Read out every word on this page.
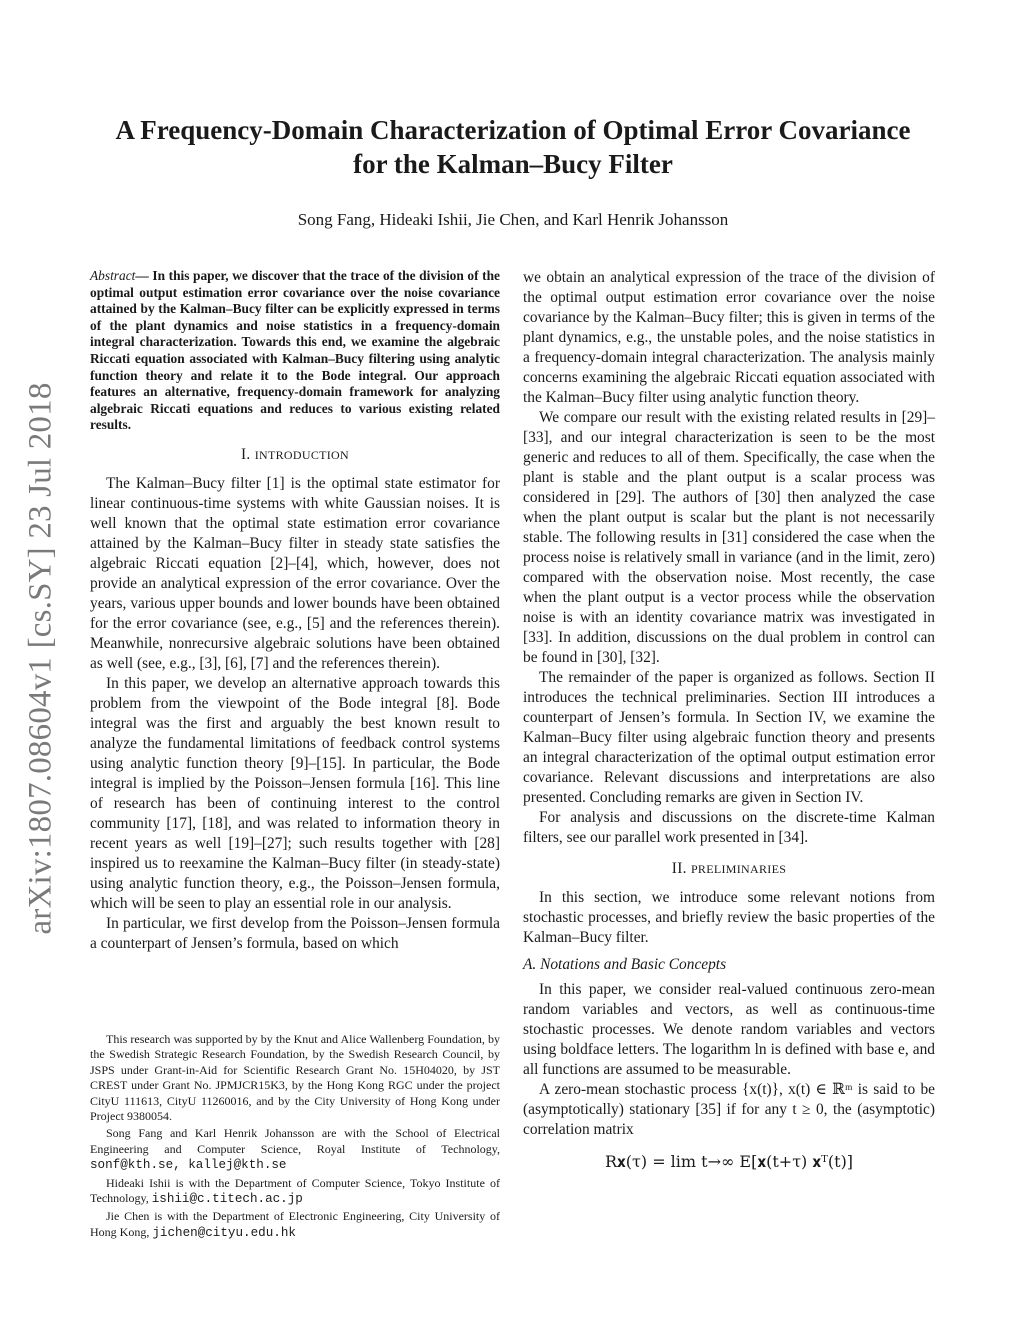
arXiv:1807.08604v1 [cs.SY] 23 Jul 2018
A Frequency-Domain Characterization of Optimal Error Covariance
for the Kalman–Bucy Filter

Song Fang, Hideaki Ishii, Jie Chen, and Karl Henrik Johansson

Abstract— In this paper, we discover that the trace of the division of the optimal output estimation error covariance over the noise covariance attained by the Kalman–Bucy filter can be explicitly expressed in terms of the plant dynamics and noise statistics in a frequency-domain integral characterization. Towards this end, we examine the algebraic Riccati equation associated with Kalman–Bucy filtering using analytic function theory and relate it to the Bode integral. Our approach features an alternative, frequency-domain framework for analyzing algebraic Riccati equations and reduces to various existing related results.

I. INTRODUCTION

The Kalman–Bucy filter [1] is the optimal state estimator for linear continuous-time systems with white Gaussian noises. It is well known that the optimal state estimation error covariance attained by the Kalman–Bucy filter in steady state satisfies the algebraic Riccati equation [2]–[4], which, however, does not provide an analytical expression of the error covariance. Over the years, various upper bounds and lower bounds have been obtained for the error covariance (see, e.g., [5] and the references therein). Meanwhile, nonrecursive algebraic solutions have been obtained as well (see, e.g., [3], [6], [7] and the references therein).

In this paper, we develop an alternative approach towards this problem from the viewpoint of the Bode integral [8]. Bode integral was the first and arguably the best known result to analyze the fundamental limitations of feedback control systems using analytic function theory [9]–[15]. In particular, the Bode integral is implied by the Poisson–Jensen formula [16]. This line of research has been of continuing interest to the control community [17], [18], and was related to information theory in recent years as well [19]–[27]; such results together with [28] inspired us to reexamine the Kalman–Bucy filter (in steady-state) using analytic function theory, e.g., the Poisson–Jensen formula, which will be seen to play an essential role in our analysis.

In particular, we first develop from the Poisson–Jensen formula a counterpart of Jensen’s formula, based on which

This research was supported by by the Knut and Alice Wallenberg Foundation, by the Swedish Strategic Research Foundation, by the Swedish Research Council, by JSPS under Grant-in-Aid for Scientific Research Grant No. 15H04020, by JST CREST under Grant No. JPMJCR15K3, by the Hong Kong RGC under the project CityU 111613, CityU 11260016, and by the City University of Hong Kong under Project 9380054.

Song Fang and Karl Henrik Johansson are with the School of Electrical Engineering and Computer Science, Royal Institute of Technology, sonf@kth.se, kallej@kth.se

Hideaki Ishii is with the Department of Computer Science, Tokyo Institute of Technology, ishii@c.titech.ac.jp

Jie Chen is with the Department of Electronic Engineering, City University of Hong Kong, jichen@cityu.edu.hk

we obtain an analytical expression of the trace of the division of the optimal output estimation error covariance over the noise covariance by the Kalman–Bucy filter; this is given in terms of the plant dynamics, e.g., the unstable poles, and the noise statistics in a frequency-domain integral characterization. The analysis mainly concerns examining the algebraic Riccati equation associated with the Kalman–Bucy filter using analytic function theory.

We compare our result with the existing related results in [29]–[33], and our integral characterization is seen to be the most generic and reduces to all of them. Specifically, the case when the plant is stable and the plant output is a scalar process was considered in [29]. The authors of [30] then analyzed the case when the plant output is scalar but the plant is not necessarily stable. The following results in [31] considered the case when the process noise is relatively small in variance (and in the limit, zero) compared with the observation noise. Most recently, the case when the plant output is a vector process while the observation noise is with an identity covariance matrix was investigated in [33]. In addition, discussions on the dual problem in control can be found in [30], [32].

The remainder of the paper is organized as follows. Section II introduces the technical preliminaries. Section III introduces a counterpart of Jensen’s formula. In Section IV, we examine the Kalman–Bucy filter using algebraic function theory and presents an integral characterization of the optimal output estimation error covariance. Relevant discussions and interpretations are also presented. Concluding remarks are given in Section IV.

For analysis and discussions on the discrete-time Kalman filters, see our parallel work presented in [34].

II. PRELIMINARIES

In this section, we introduce some relevant notions from stochastic processes, and briefly review the basic properties of the Kalman–Bucy filter.

A. Notations and Basic Concepts

In this paper, we consider real-valued continuous zero-mean random variables and vectors, as well as continuous-time stochastic processes. We denote random variables and vectors using boldface letters. The logarithm ln is defined with base e, and all functions are assumed to be measurable.

A zero-mean stochastic process {x(t)}, x(t) ∈ ℝᵐ is said to be (asymptotically) stationary [35] if for any t ≥ 0, the (asymptotic) correlation matrix

R𝐱(τ) = lim t→∞ E[𝐱(t+τ) 𝐱ᵀ(t)]
